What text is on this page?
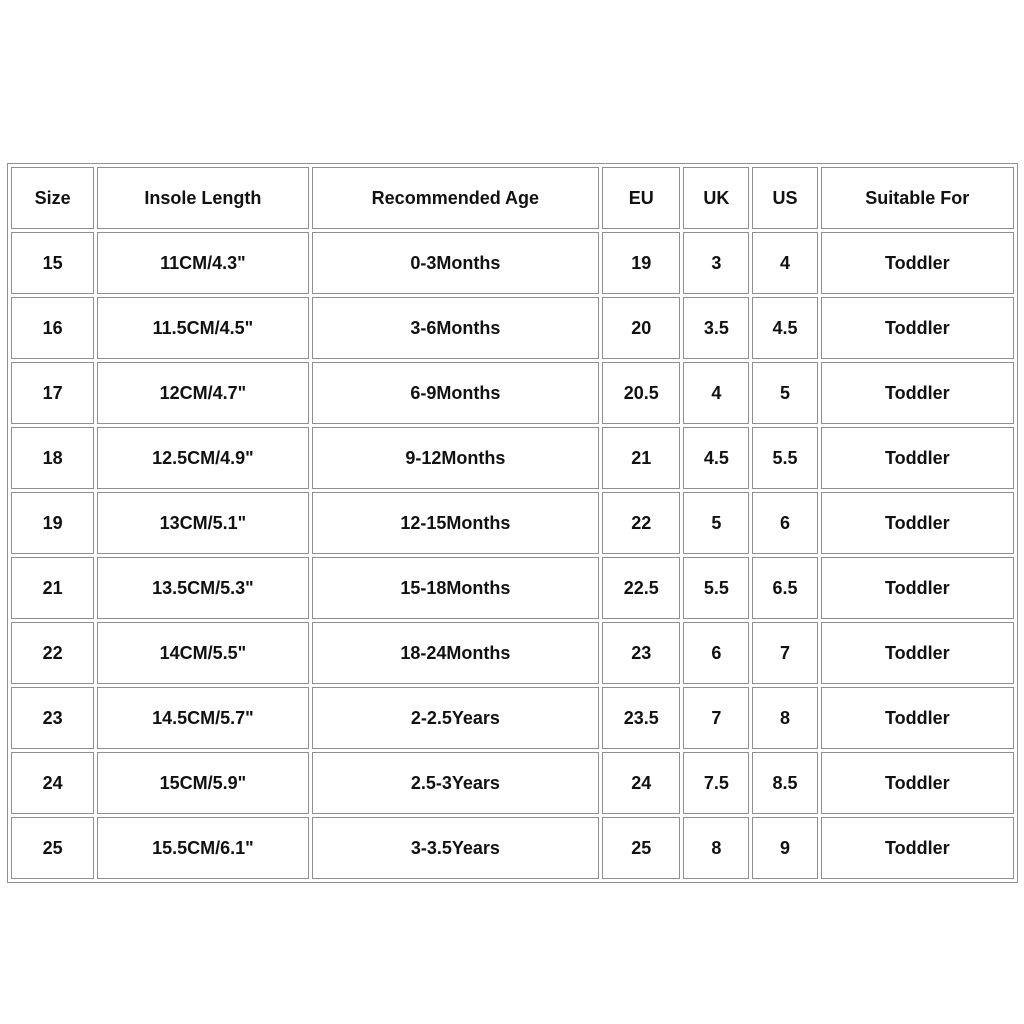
Size	Insole Length	Recommended Age	EU	UK	US	Suitable For
15	11CM/4.3"	0-3Months	19	3	4	Toddler
16	11.5CM/4.5"	3-6Months	20	3.5	4.5	Toddler
17	12CM/4.7"	6-9Months	20.5	4	5	Toddler
18	12.5CM/4.9"	9-12Months	21	4.5	5.5	Toddler
19	13CM/5.1"	12-15Months	22	5	6	Toddler
21	13.5CM/5.3"	15-18Months	22.5	5.5	6.5	Toddler
22	14CM/5.5"	18-24Months	23	6	7	Toddler
23	14.5CM/5.7"	2-2.5Years	23.5	7	8	Toddler
24	15CM/5.9"	2.5-3Years	24	7.5	8.5	Toddler
25	15.5CM/6.1"	3-3.5Years	25	8	9	Toddler
